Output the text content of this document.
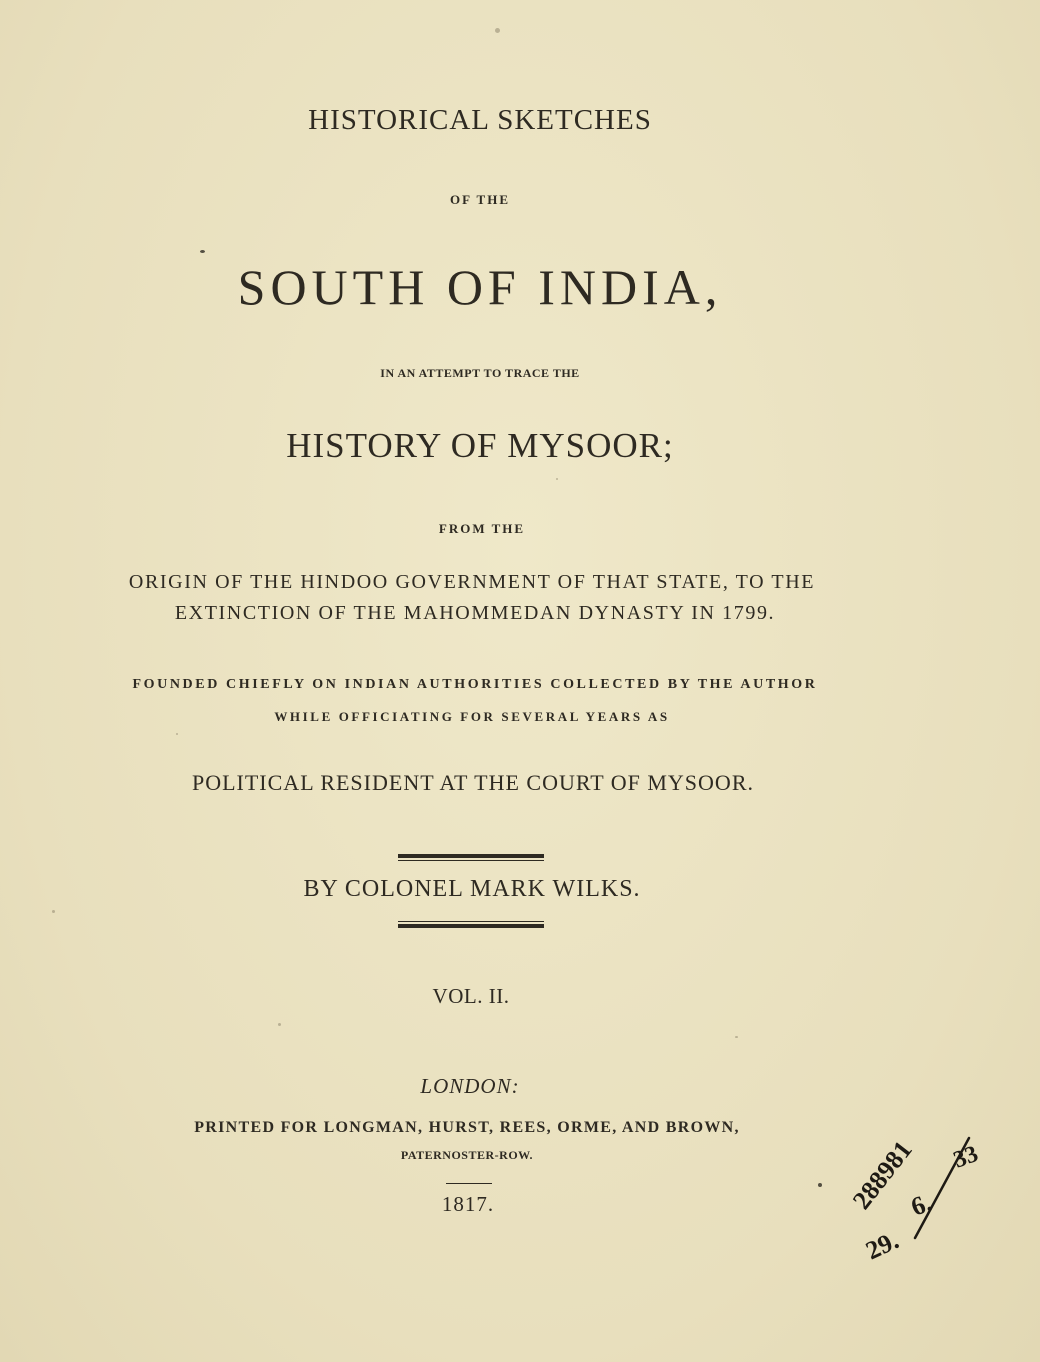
HISTORICAL SKETCHES
OF THE
SOUTH OF INDIA,
IN AN ATTEMPT TO TRACE THE
HISTORY OF MYSOOR;
FROM THE
ORIGIN OF THE HINDOO GOVERNMENT OF THAT STATE, TO THE
EXTINCTION OF THE MAHOMMEDAN DYNASTY IN 1799.
FOUNDED CHIEFLY ON INDIAN AUTHORITIES COLLECTED BY THE AUTHOR
WHILE OFFICIATING FOR SEVERAL YEARS AS
POLITICAL RESIDENT AT THE COURT OF MYSOOR.
BY COLONEL MARK WILKS.
VOL. II.
LONDON:
PRINTED FOR LONGMAN, HURST, REES, ORME, AND BROWN,
PATERNOSTER-ROW.
1817.	288981 33
6.
29.
